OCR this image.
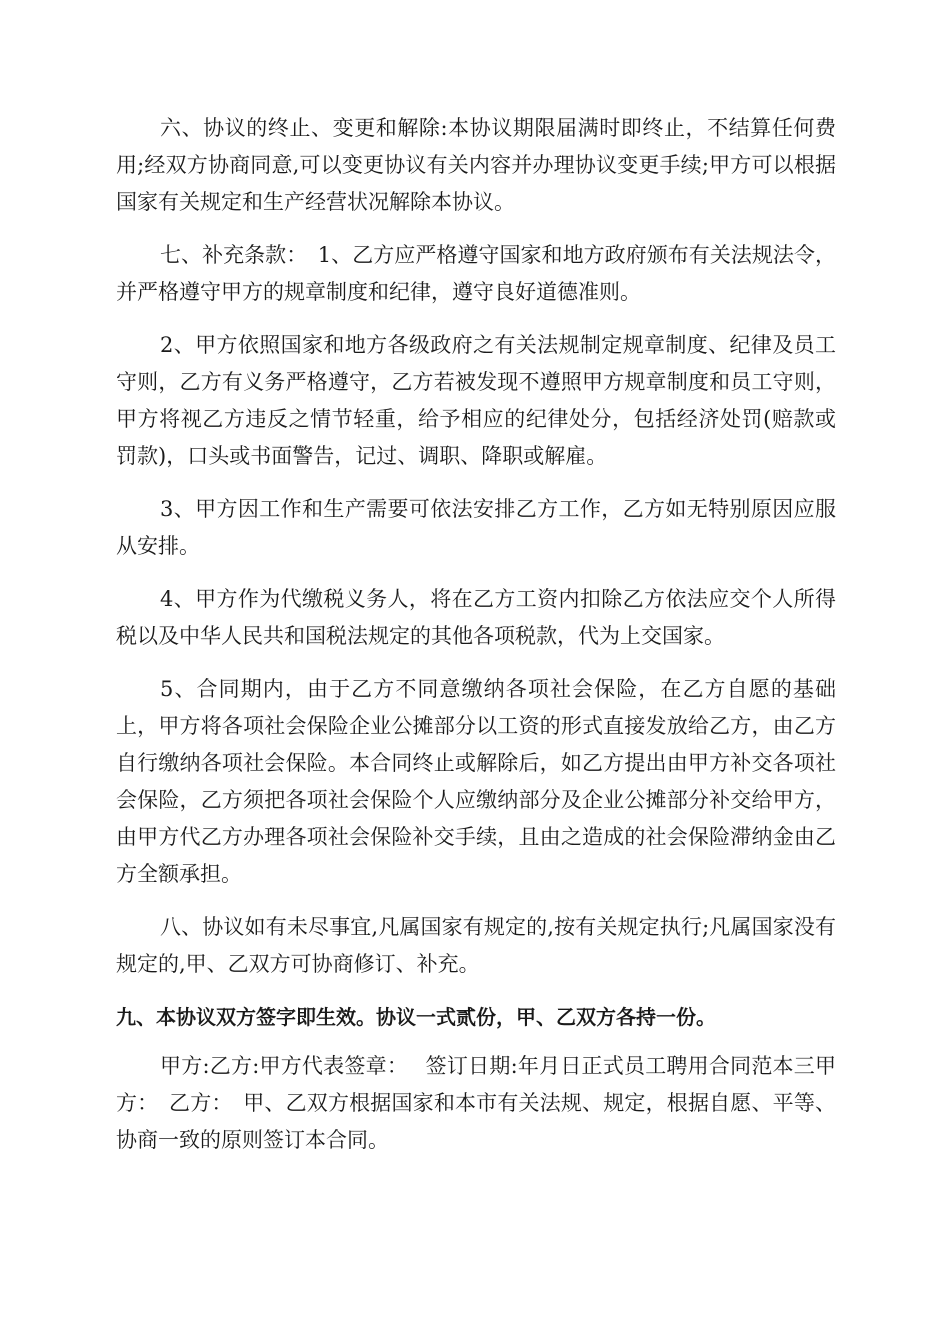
六、协议的终止、变更和解除:本协议期限届满时即终止，不结算任何费用;经双方协商同意,可以变更协议有关内容并办理协议变更手续;甲方可以根据国家有关规定和生产经营状况解除本协议。

七、补充条款：　1、乙方应严格遵守国家和地方政府颁布有关法规法令，并严格遵守甲方的规章制度和纪律，遵守良好道德准则。

2、甲方依照国家和地方各级政府之有关法规制定规章制度、纪律及员工守则，乙方有义务严格遵守，乙方若被发现不遵照甲方规章制度和员工守则，甲方将视乙方违反之情节轻重，给予相应的纪律处分，包括经济处罚(赔款或罚款)，口头或书面警告，记过、调职、降职或解雇。

3、甲方因工作和生产需要可依法安排乙方工作，乙方如无特别原因应服从安排。

4、甲方作为代缴税义务人，将在乙方工资内扣除乙方依法应交个人所得税以及中华人民共和国税法规定的其他各项税款，代为上交国家。

5、合同期内，由于乙方不同意缴纳各项社会保险，在乙方自愿的基础上，甲方将各项社会保险企业公摊部分以工资的形式直接发放给乙方，由乙方自行缴纳各项社会保险。本合同终止或解除后，如乙方提出由甲方补交各项社会保险，乙方须把各项社会保险个人应缴纳部分及企业公摊部分补交给甲方，由甲方代乙方办理各项社会保险补交手续，且由之造成的社会保险滞纳金由乙方全额承担。

八、协议如有未尽事宜,凡属国家有规定的,按有关规定执行;凡属国家没有规定的,甲、乙双方可协商修订、补充。

九、本协议双方签字即生效。协议一式贰份，甲、乙双方各持一份。

甲方:乙方:甲方代表签章：　 签订日期:年月日正式员工聘用合同范本三甲方：　乙方：　甲、乙双方根据国家和本市有关法规、规定，根据自愿、平等、协商一致的原则签订本合同。
